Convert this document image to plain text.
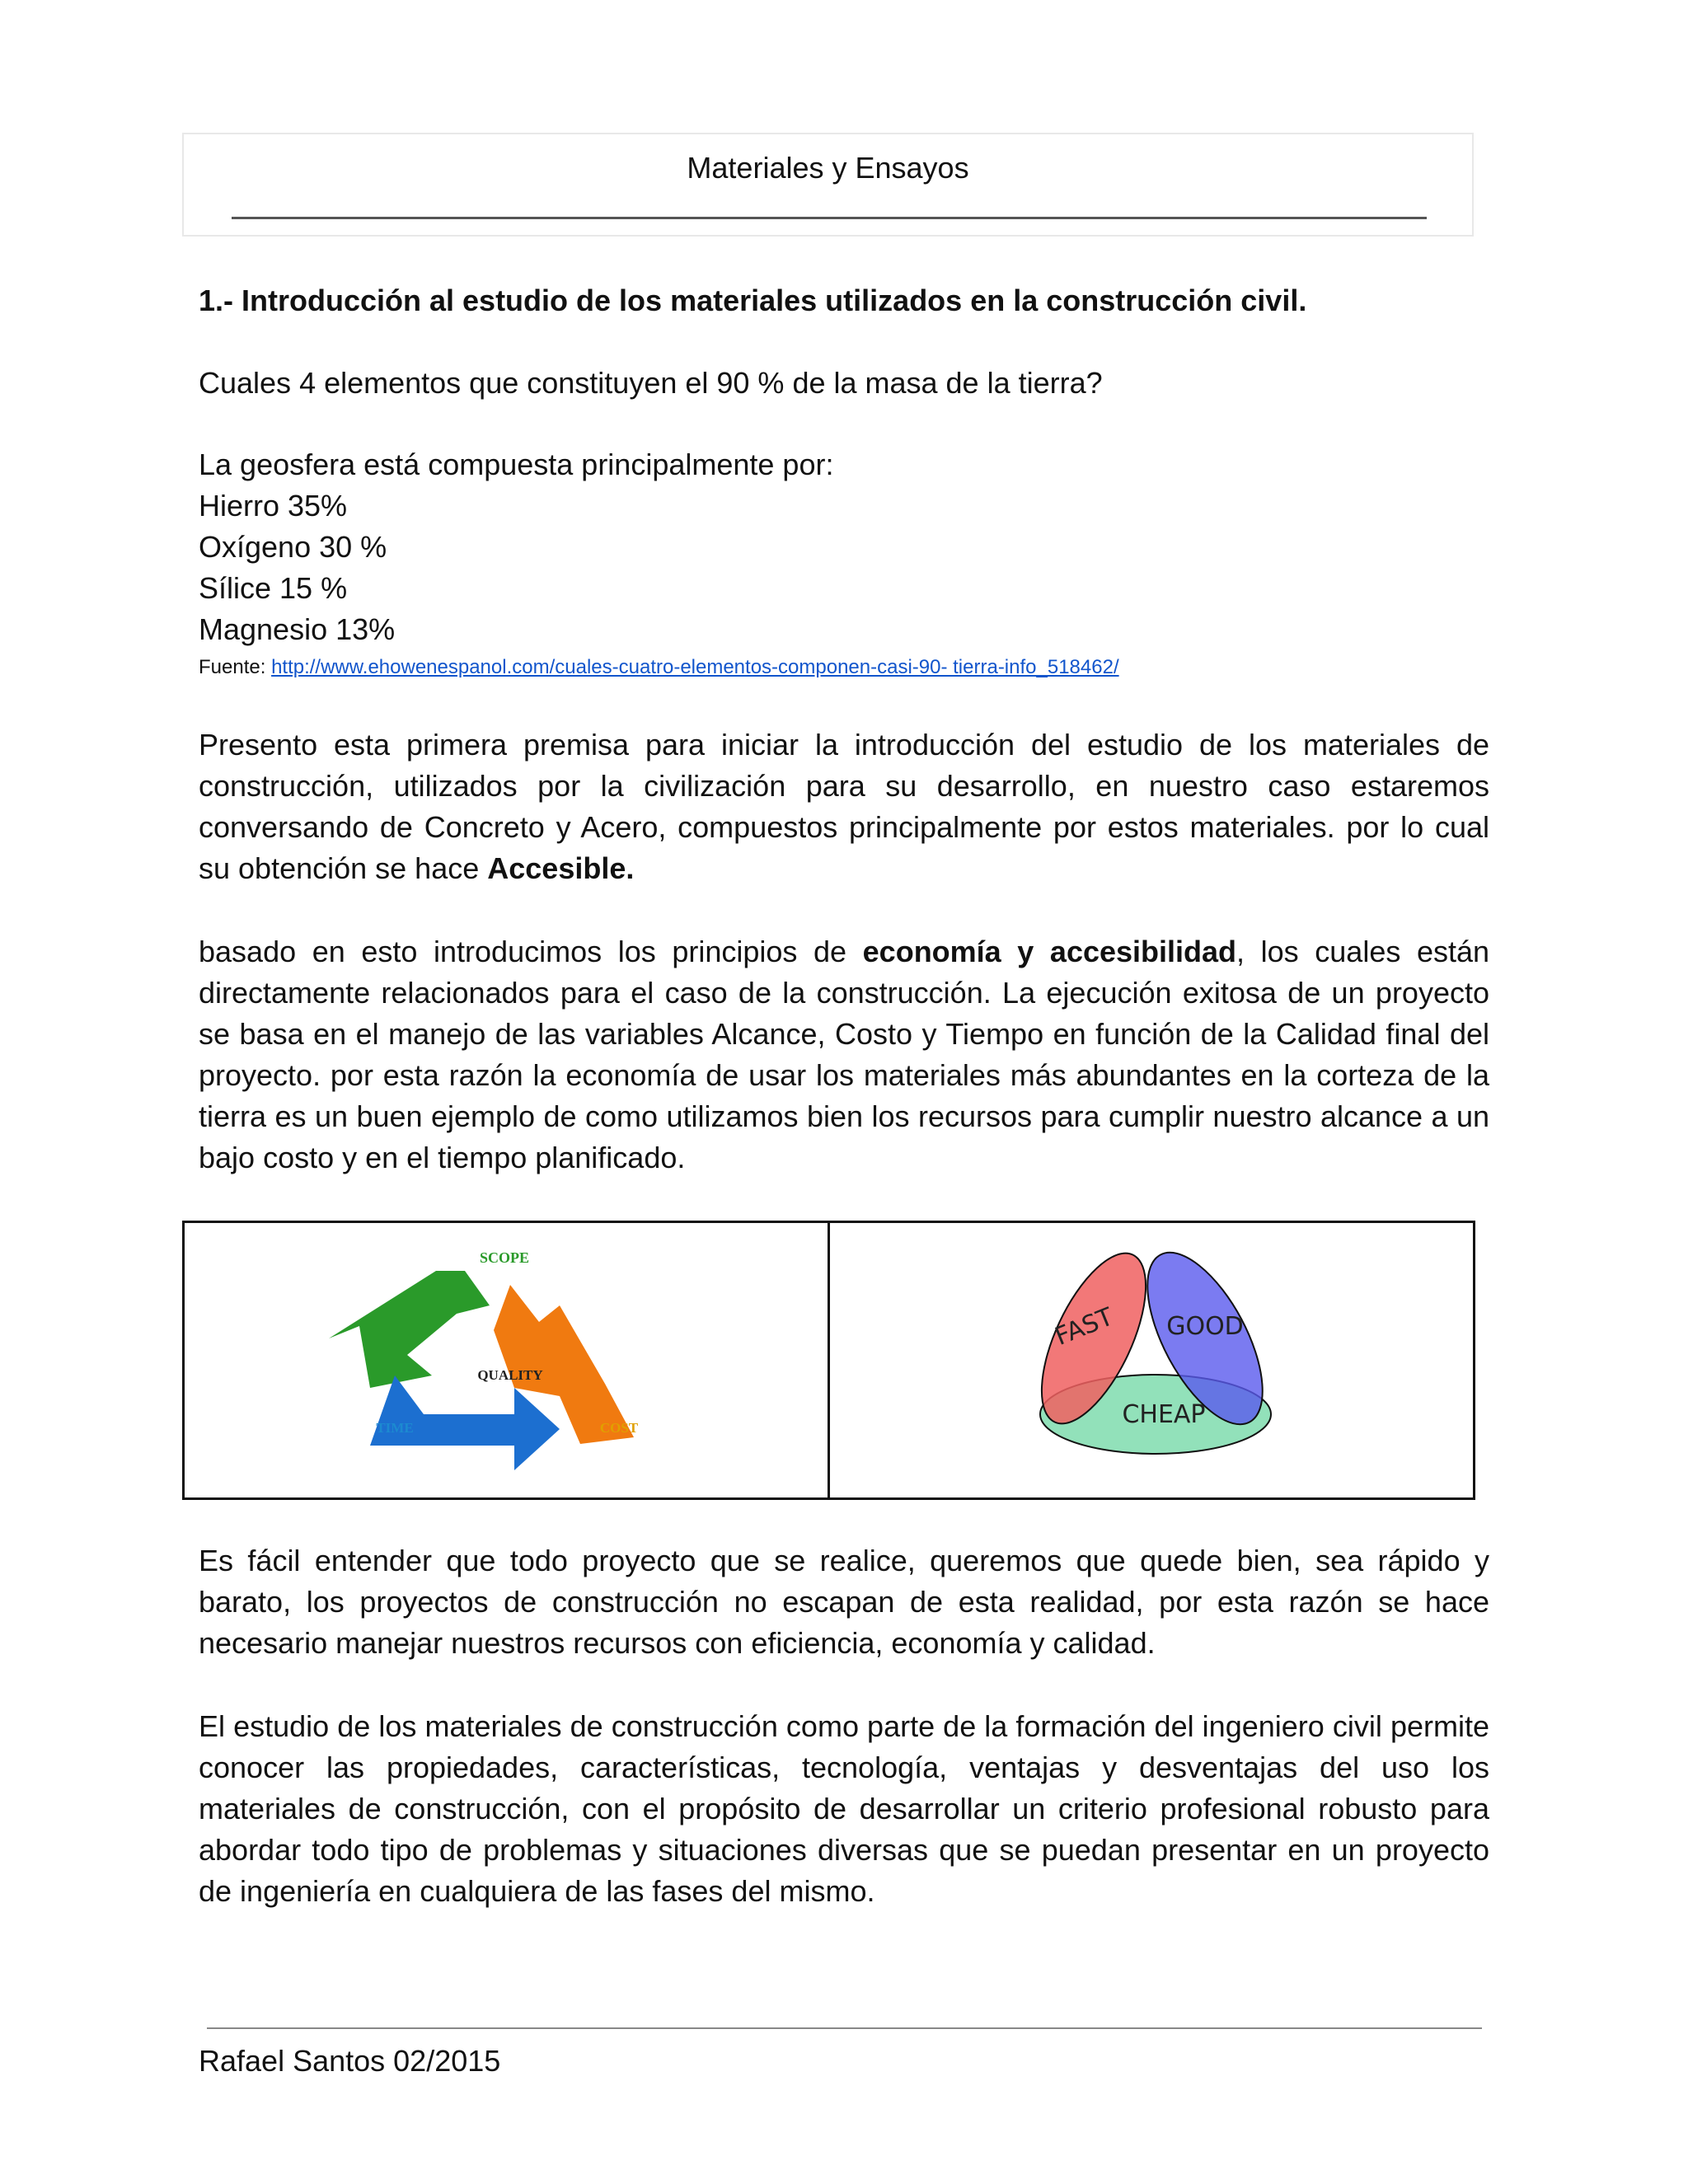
Materiales y Ensayos
1.- Introducción al estudio de los materiales utilizados en la construcción civil.
Cuales 4 elementos que constituyen el 90 % de la masa de la tierra?
La geosfera está compuesta principalmente por:
Hierro 35%
Oxígeno 30 %
Sílice 15 %
Magnesio 13%
Fuente: http://www.ehowenespanol.com/cuales-cuatro-elementos-componen-casi-90- tierra-info_518462/
Presento esta primera premisa para iniciar la introducción del estudio de los materiales de construcción, utilizados por la civilización para su desarrollo, en nuestro caso estaremos conversando de Concreto y Acero, compuestos principalmente por estos materiales. por lo cual su obtención se hace Accesible.
basado en esto introducimos los principios de economía y accesibilidad, los cuales están directamente relacionados para el caso de la construcción. La ejecución exitosa de un proyecto se basa en el manejo de las variables Alcance, Costo y Tiempo en función de la Calidad final del proyecto. por esta razón la economía de usar los materiales más abundantes en la corteza de la tierra es un buen ejemplo de como utilizamos bien los recursos para cumplir nuestro alcance a un bajo costo y en el tiempo planificado.
SCOPE
QUALITY
TIME	COST
FAST GOOD
CHEAP
Es fácil entender que todo proyecto que se realice, queremos que quede bien, sea rápido y barato, los proyectos de construcción no escapan de esta realidad, por esta razón se hace necesario manejar nuestros recursos con eficiencia, economía y calidad.
El estudio de los materiales de construcción como parte de la formación del ingeniero civil permite conocer las propiedades, características, tecnología, ventajas y desventajas del uso los materiales de construcción, con el propósito de desarrollar un criterio profesional robusto para abordar todo tipo de problemas y situaciones diversas que se puedan presentar en un proyecto de ingeniería en cualquiera de las fases del mismo.
Rafael Santos 02/2015
